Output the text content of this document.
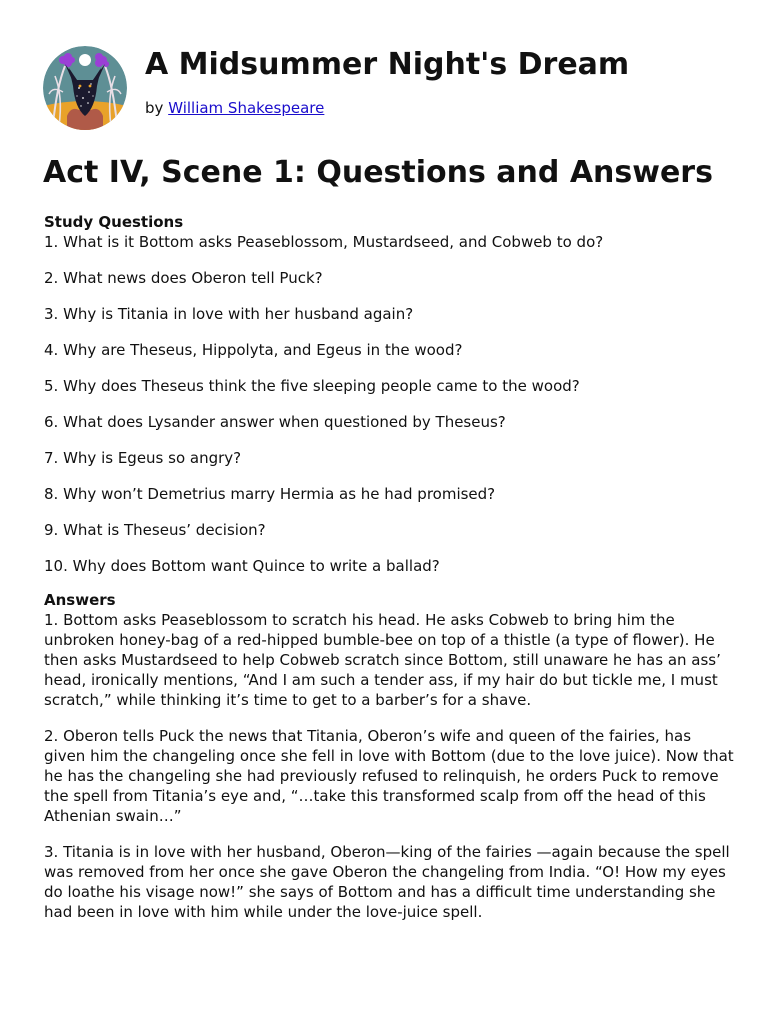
A Midsummer Night's Dream
by William Shakespeare
Act IV, Scene 1: Questions and Answers

Study Questions

1. What is it Bottom asks Peaseblossom, Mustardseed, and Cobweb to do?
2. What news does Oberon tell Puck?
3. Why is Titania in love with her husband again?
4. Why are Theseus, Hippolyta, and Egeus in the wood?
5. Why does Theseus think the five sleeping people came to the wood?
6. What does Lysander answer when questioned by Theseus?
7. Why is Egeus so angry?
8. Why won’t Demetrius marry Hermia as he had promised?
9. What is Theseus’ decision?
10. Why does Bottom want Quince to write a ballad?

Answers

1. Bottom asks Peaseblossom to scratch his head. He asks Cobweb to bring him the unbroken honey-bag of a red-hipped bumble-bee on top of a thistle (a type of flower). He then asks Mustardseed to help Cobweb scratch since Bottom, still unaware he has an ass’ head, ironically mentions, “And I am such a tender ass, if my hair do but tickle me, I must scratch,” while thinking it’s time to get to a barber’s for a shave.
2. Oberon tells Puck the news that Titania, Oberon’s wife and queen of the fairies, has given him the changeling once she fell in love with Bottom (due to the love juice). Now that he has the changeling she had previously refused to relinquish, he orders Puck to remove the spell from Titania’s eye and, “…take this transformed scalp from off the head of this Athenian swain…”
3. Titania is in love with her husband, Oberon—king of the fairies —again because the spell was removed from her once she gave Oberon the changeling from India. “O! How my eyes do loathe his visage now!” she says of Bottom and has a difficult time understanding she had been in love with him while under the love-juice spell.
